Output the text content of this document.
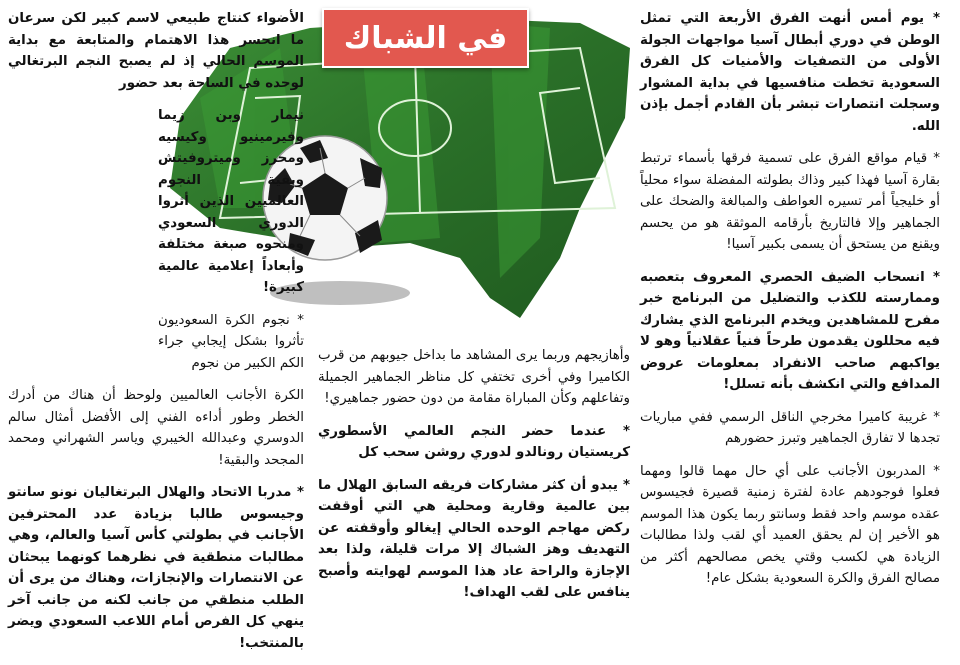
في الشباك

* يوم أمس أنهت الفرق الأربعة التي تمثل الوطن في دوري أبطال آسيا مواجهات الجولة الأولى من التصفيات والأمنيات كل الفرق السعودية تخطت منافسيها في بداية المشوار وسجلت انتصارات تبشر بأن القادم أجمل بإذن الله.

* قيام مواقع الفرق على تسمية فرقها بأسماء ترتبط بقارة آسيا فهذا كبير وذاك بطولته المفضلة سواء محلياً أو خليجياً أمر تسيره العواطف والمبالغة والضحك على الجماهير وإلا فالتاريخ بأرقامه الموثقة هو من يحسم ويقنع من يستحق أن يسمى بكبير آسيا!

* انسحاب الضيف الحصري المعروف بتعصبه وممارسته للكذب والتضليل من البرنامج خبر مفرح للمشاهدين ويخدم البرنامج الذي يشارك فيه محللون يقدمون طرحاً فنياً عقلانياً وهو لا يواكبهم صاحب الانفراد بمعلومات عروض المدافع والتي انكشف بأنه تسلل!

* غريبة كاميرا مخرجي الناقل الرسمي ففي مباريات تجدها لا تفارق الجماهير وتبرز حضورهم

* المدربون الأجانب على أي حال مهما قالوا ومهما فعلوا فوجودهم عادة لفترة زمنية قصيرة فجيسوس عقده موسم واحد فقط وسانتو ربما يكون هذا الموسم هو الأخير إن لم يحقق العميد أي لقب ولذا مطالبات الزيادة هي لكسب وقتي يخص مصالحهم أكثر من مصالح الفرق والكرة السعودية بشكل عام!

الأضواء كنتاج طبيعي لاسم كبير لكن سرعان ما انحسر هذا الاهتمام والمتابعة مع بداية الموسم الحالي إذ لم يصبح النجم البرتغالي لوحده في الساحة بعد حضور

نيمار وبن زيما وفيرمينيو وكيسيه ومحرز وميتروفيتش وبقية النجوم العالميين الذين أثروا الدوري السعودي ومنحوه صبغة مختلفة وأبعاداً إعلامية عالمية كبيرة!

* نجوم الكرة السعوديون تأثروا بشكل إيجابي جراء الكم الكبير من نجوم

الكرة الأجانب العالميين ولوحظ أن هناك من أدرك الخطر وطور أداءه الفني إلى الأفضل أمثال سالم الدوسري وعبدالله الخيبري وياسر الشهراني ومحمد المجحد والبقية!

* مدربا الاتحاد والهلال البرتغاليان نونو سانتو وجيسوس طالبا بزيادة عدد المحترفين الأجانب في بطولتي كأس آسيا والعالم، وهي مطالبات منطقية في نظرهما كونهما يبحثان عن الانتصارات والإنجازات، وهناك من يرى أن الطلب منطقي من جانب لكنه من جانب آخر ينهي كل الفرص أمام اللاعب السعودي ويضر بالمنتخب!

وأهازيجهم وربما يرى المشاهد ما بداخل جيوبهم من قرب الكاميرا وفي أخرى تختفي كل مناظر الجماهير الجميلة وتفاعلهم وكأن المباراة مقامة من دون حضور جماهيري!

* عندما حضر النجم العالمي الأسطوري كريستيان رونالدو لدوري روشن سحب كل

* يبدو أن كثر مشاركات فريقه السابق الهلال ما بين عالمية وقارية ومحلية هي التي أوقفت ركض مهاجم الوحده الحالي إيغالو وأوقفته عن التهديف وهز الشباك إلا مرات قليلة، ولذا بعد الإجازة والراحة عاد هذا الموسم لهوايته وأصبح ينافس على لقب الهداف!
